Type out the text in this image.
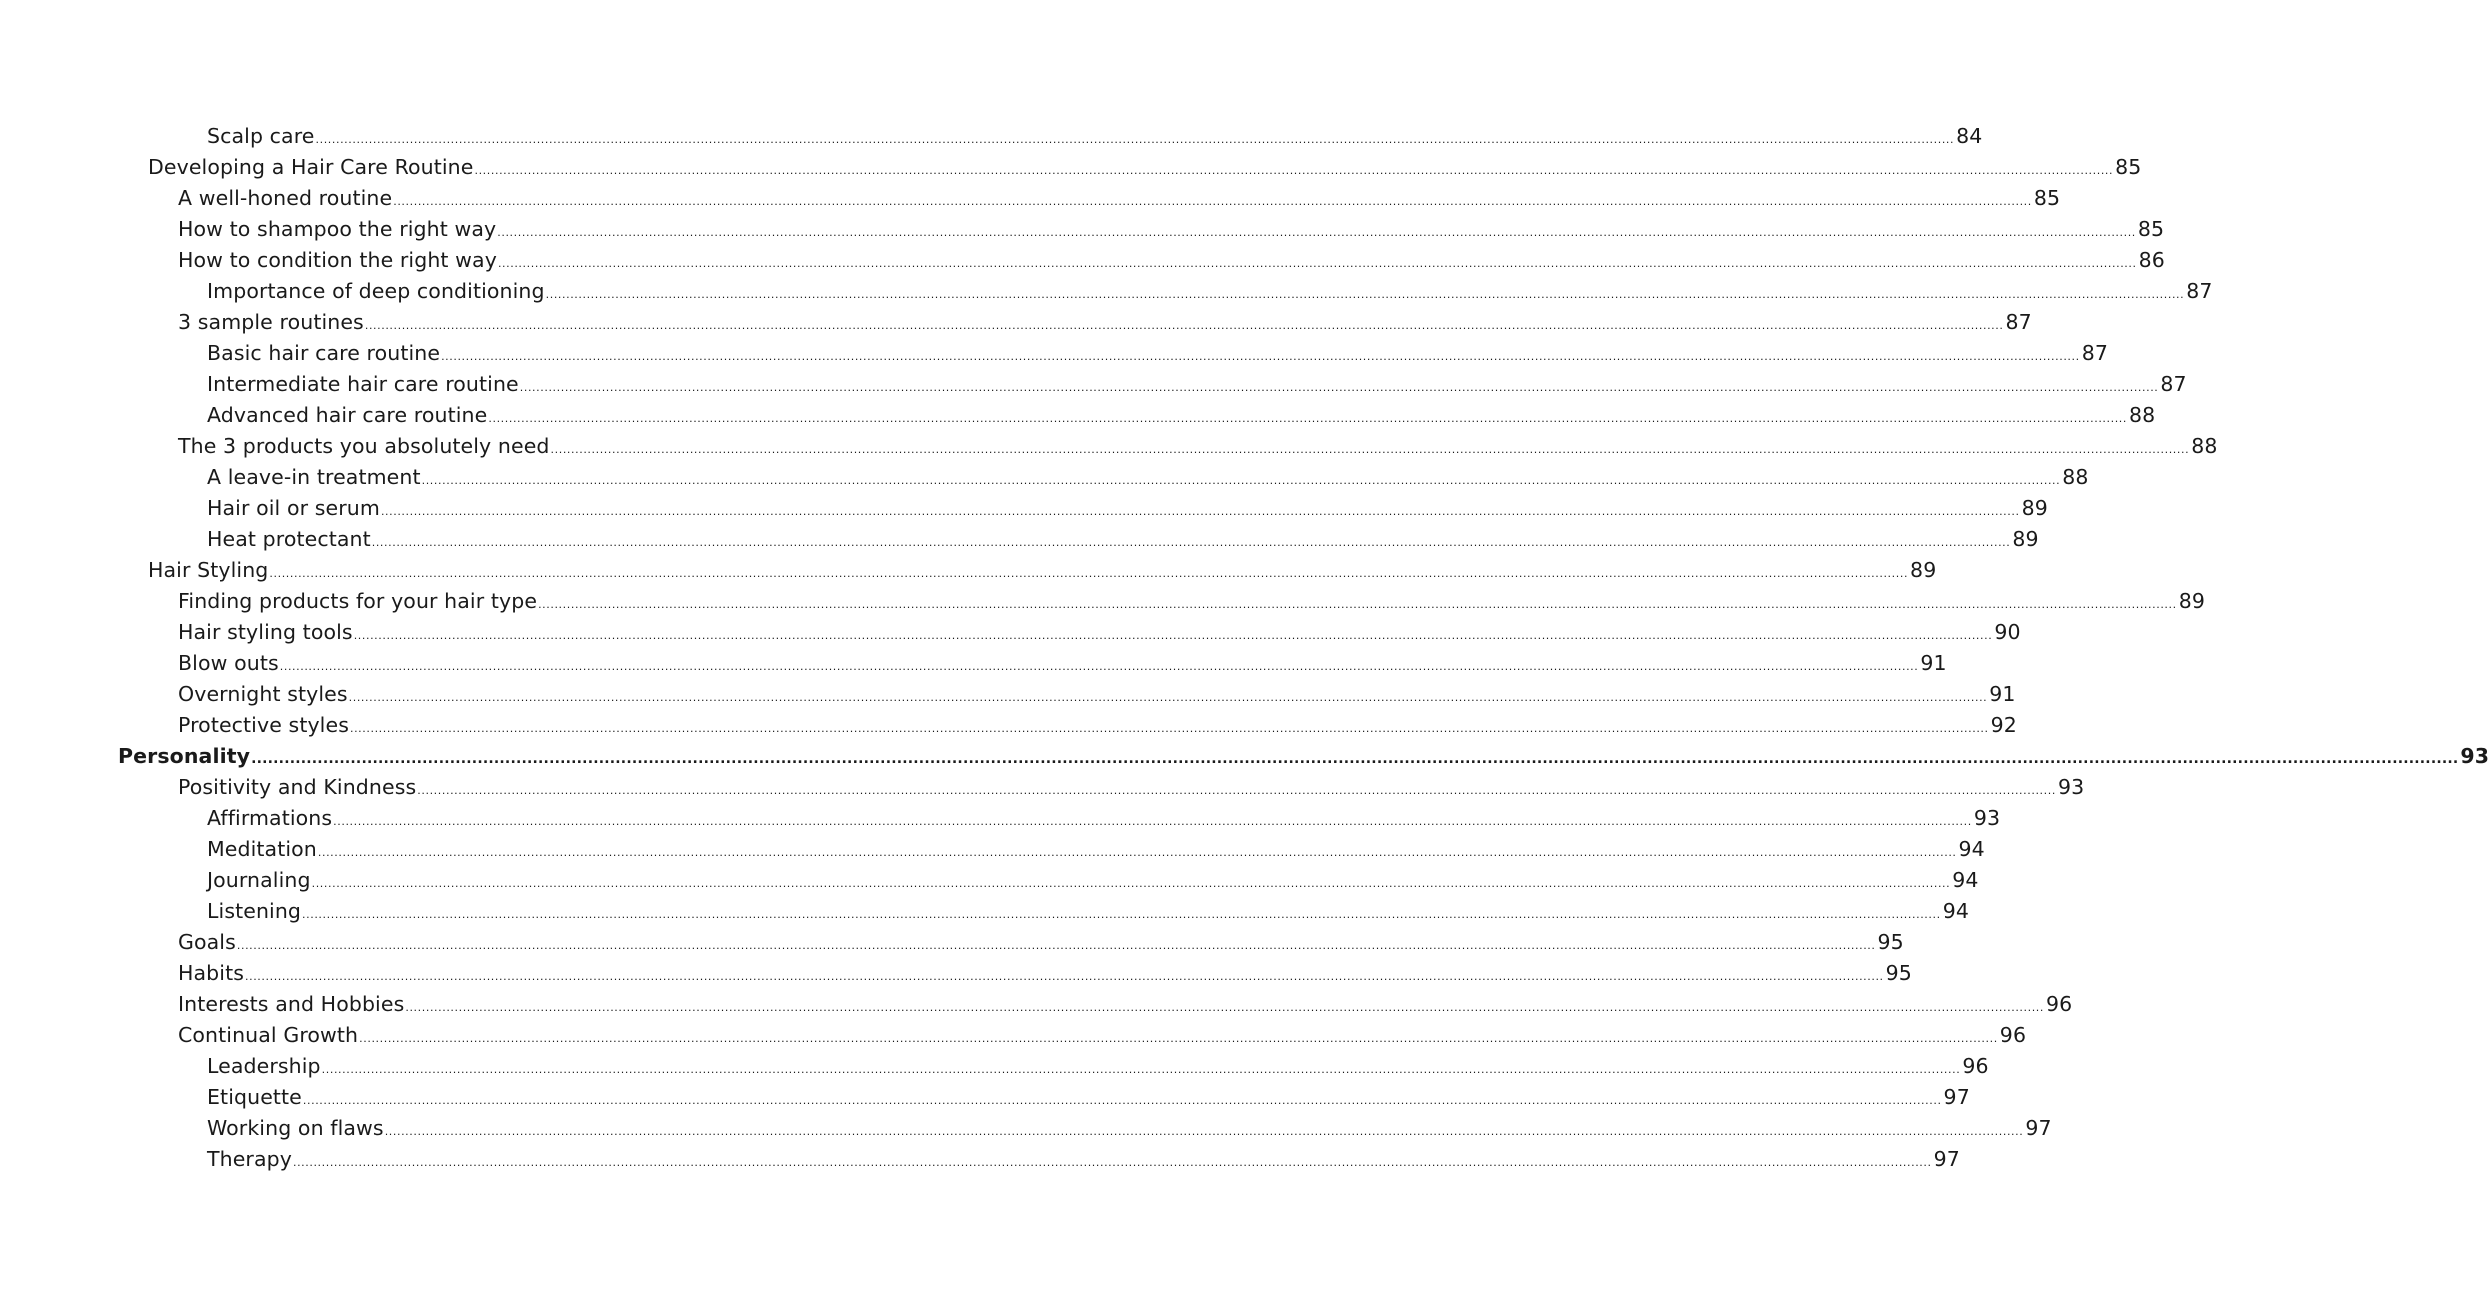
Scalp care ................................................................................................................................................................................................................................................................................................................................................................................................................ 84
Developing a Hair Care Routine ................................................................................................................................................................................................................................................................................................................................................................................................................ 85
A well-honed routine ................................................................................................................................................................................................................................................................................................................................................................................................................ 85
How to shampoo the right way ................................................................................................................................................................................................................................................................................................................................................................................................................ 85
How to condition the right way ................................................................................................................................................................................................................................................................................................................................................................................................................ 86
Importance of deep conditioning ................................................................................................................................................................................................................................................................................................................................................................................................................ 87
3 sample routines ................................................................................................................................................................................................................................................................................................................................................................................................................ 87
Basic hair care routine ................................................................................................................................................................................................................................................................................................................................................................................................................ 87
Intermediate hair care routine ................................................................................................................................................................................................................................................................................................................................................................................................................ 87
Advanced hair care routine ................................................................................................................................................................................................................................................................................................................................................................................................................ 88
The 3 products you absolutely need ................................................................................................................................................................................................................................................................................................................................................................................................................ 88
A leave-in treatment ................................................................................................................................................................................................................................................................................................................................................................................................................ 88
Hair oil or serum ................................................................................................................................................................................................................................................................................................................................................................................................................ 89
Heat protectant ................................................................................................................................................................................................................................................................................................................................................................................................................ 89
Hair Styling ................................................................................................................................................................................................................................................................................................................................................................................................................ 89
Finding products for your hair type ................................................................................................................................................................................................................................................................................................................................................................................................................ 89
Hair styling tools ................................................................................................................................................................................................................................................................................................................................................................................................................ 90
Blow outs ................................................................................................................................................................................................................................................................................................................................................................................................................ 91
Overnight styles ................................................................................................................................................................................................................................................................................................................................................................................................................ 91
Protective styles ................................................................................................................................................................................................................................................................................................................................................................................................................ 92
Personality ................................................................................................................................................................................................................................................................................................................................................................................................................ 93
Positivity and Kindness ................................................................................................................................................................................................................................................................................................................................................................................................................ 93
Affirmations ................................................................................................................................................................................................................................................................................................................................................................................................................ 93
Meditation ................................................................................................................................................................................................................................................................................................................................................................................................................ 94
Journaling ................................................................................................................................................................................................................................................................................................................................................................................................................ 94
Listening ................................................................................................................................................................................................................................................................................................................................................................................................................ 94
Goals ................................................................................................................................................................................................................................................................................................................................................................................................................ 95
Habits ................................................................................................................................................................................................................................................................................................................................................................................................................ 95
Interests and Hobbies ................................................................................................................................................................................................................................................................................................................................................................................................................ 96
Continual Growth ................................................................................................................................................................................................................................................................................................................................................................................................................ 96
Leadership ................................................................................................................................................................................................................................................................................................................................................................................................................ 96
Etiquette ................................................................................................................................................................................................................................................................................................................................................................................................................ 97
Working on flaws ................................................................................................................................................................................................................................................................................................................................................................................................................ 97
Therapy ................................................................................................................................................................................................................................................................................................................................................................................................................ 97
